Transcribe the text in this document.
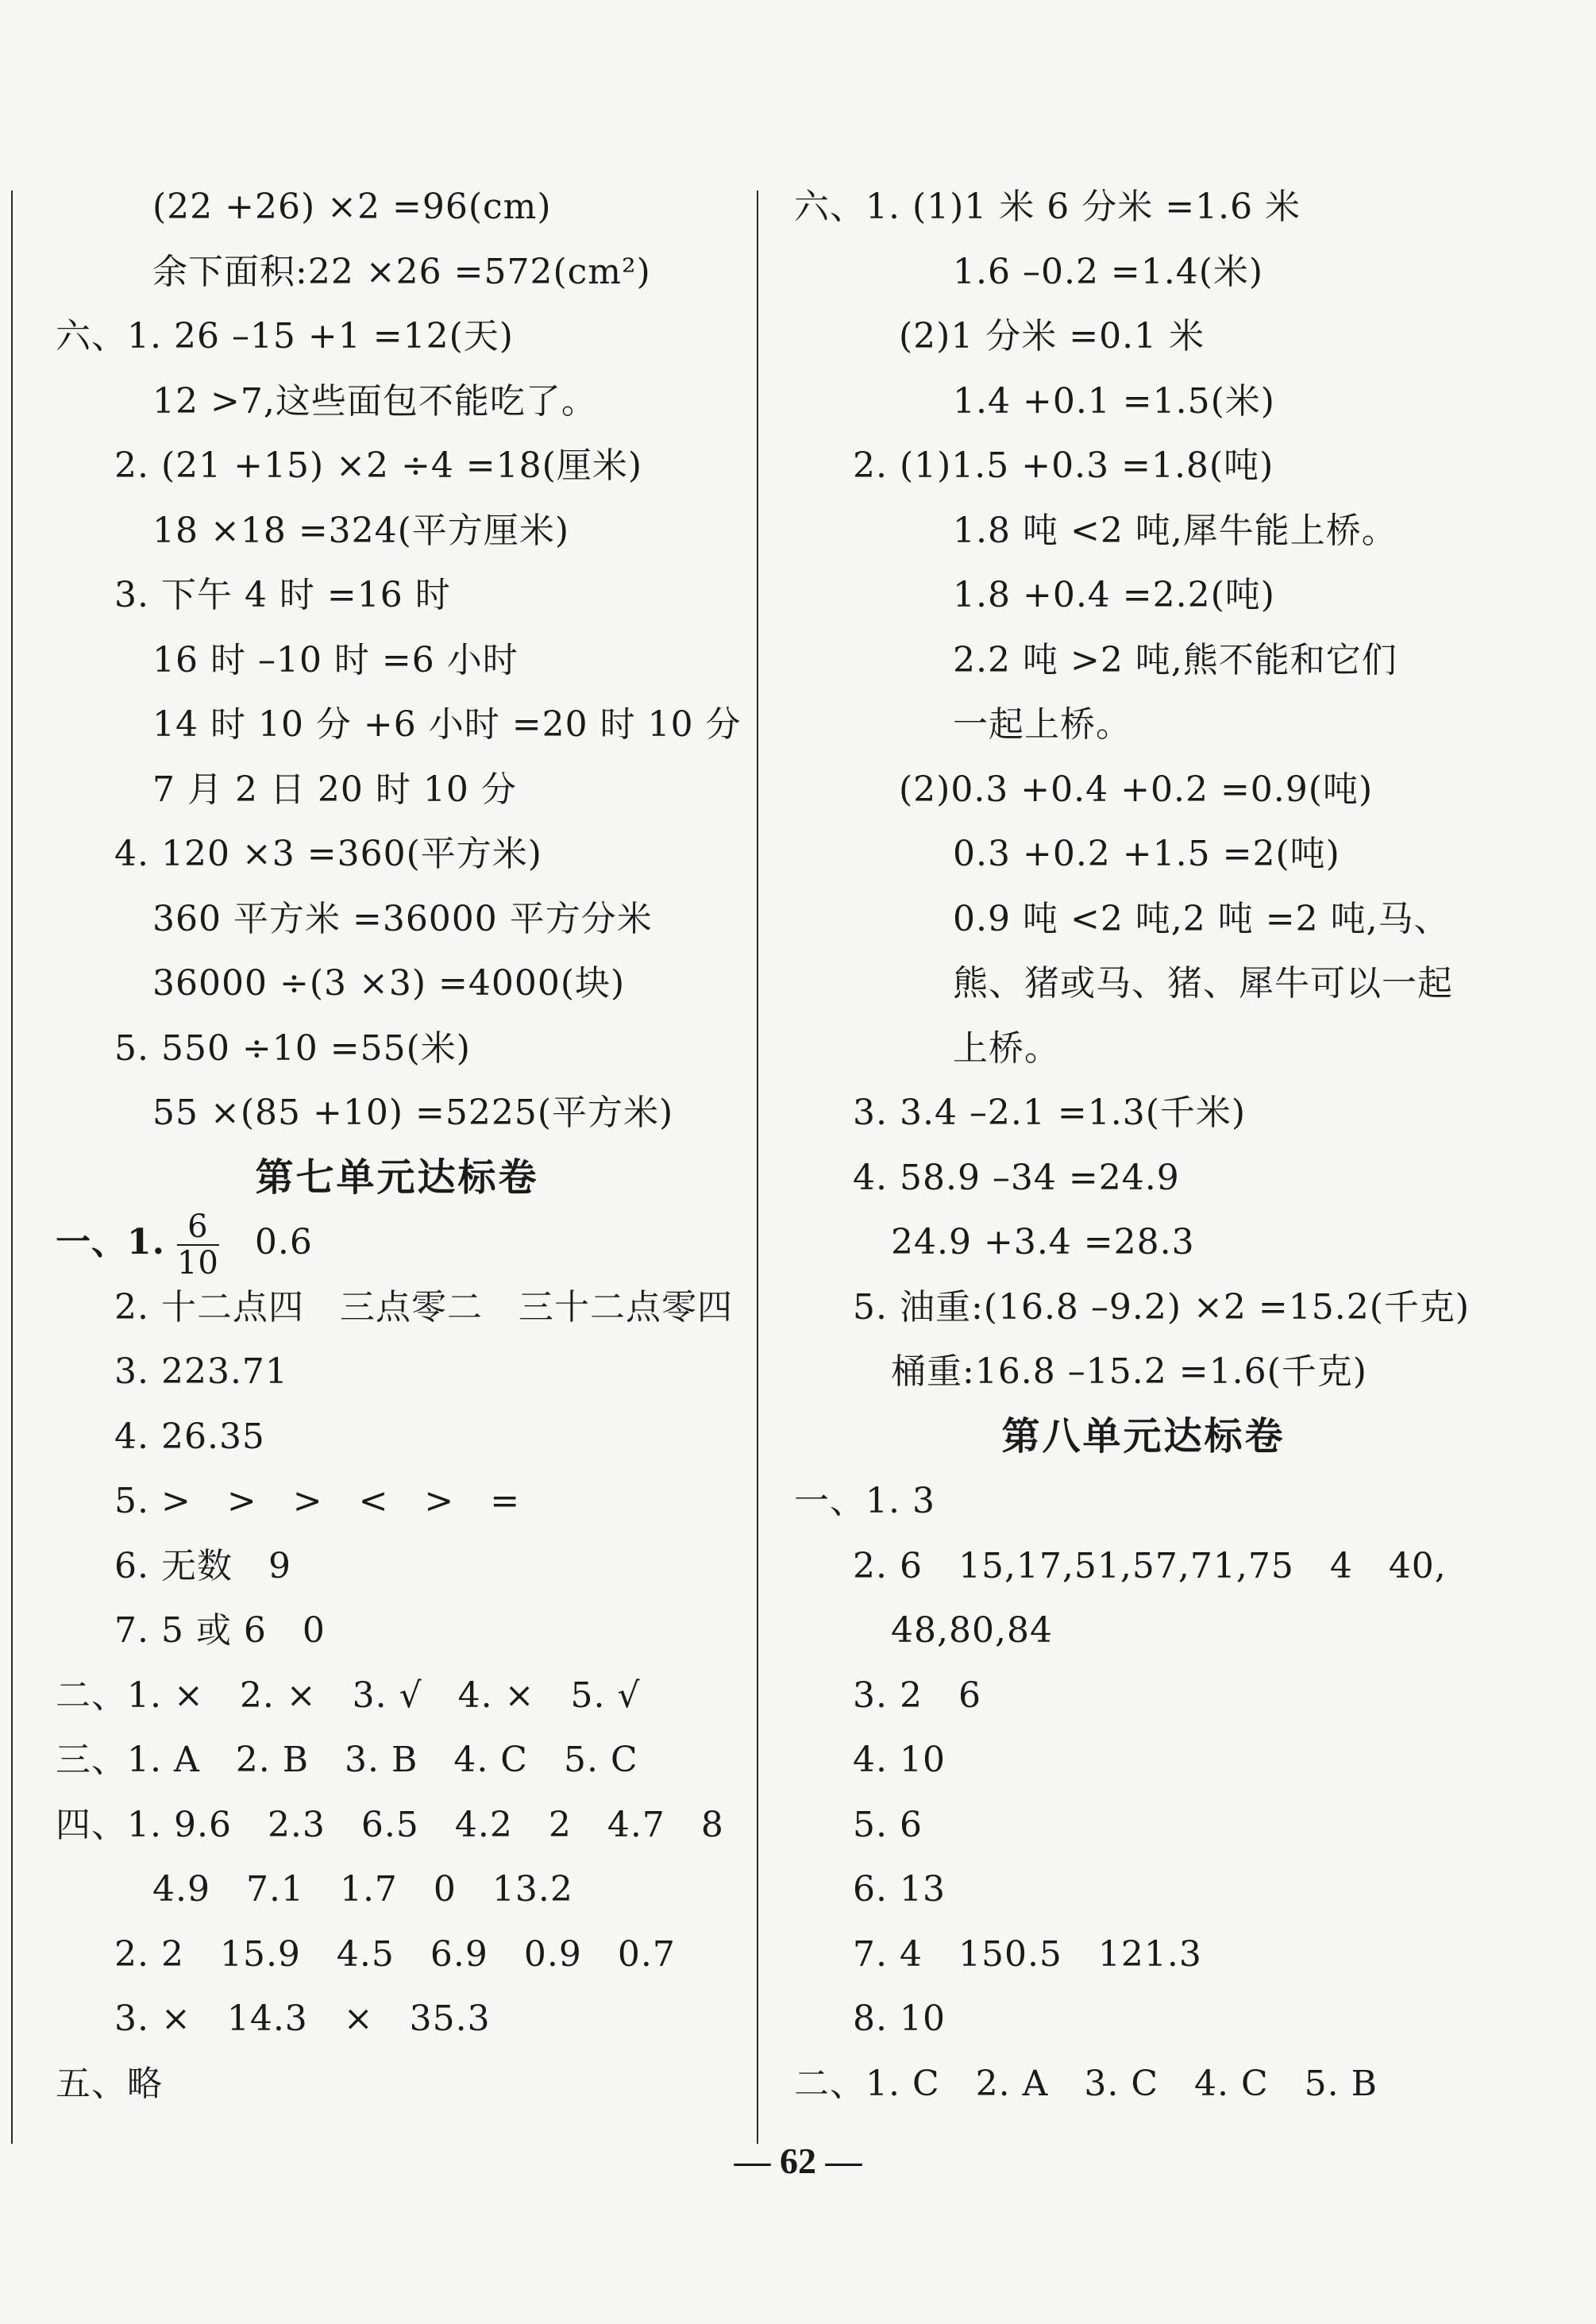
(22 +26) ×2 =96(cm)
余下面积:22 ×26 =572(cm²)
六、1. 26 –15 +1 =12(天)
12 >7,这些面包不能吃了。
2. (21 +15) ×2 ÷4 =18(厘米)
18 ×18 =324(平方厘米)
3. 下午 4 时 =16 时
16 时 –10 时 =6 小时
14 时 10 分 +6 小时 =20 时 10 分
7 月 2 日 20 时 10 分
4. 120 ×3 =360(平方米)
360 平方米 =36000 平方分米
36000 ÷(3 ×3) =4000(块)
5. 550 ÷10 =55(米)
55 ×(85 +10) =5225(平方米)
第七单元达标卷
一、1. $\frac{6}{10} 0.6$
2. 十二点四　三点零二　三十二点零四
3. 223.71
4. 26.35
5. >　>　>　<　>　=
6. 无数　9
7. 5 或 6　0
二、1. ×　2. ×　3. √　4. ×　5. √
三、1. A　2. B　3. B　4. C　5. C
四、1. 9.6　2.3　6.5　4.2　2　4.7　8
4.9　7.1　1.7　0　13.2
2. 2　15.9　4.5　6.9　0.9　0.7
3. ×　14.3　×　35.3
五、略
六、1. (1)1 米 6 分米 =1.6 米
1.6 –0.2 =1.4(米)
(2)1 分米 =0.1 米
1.4 +0.1 =1.5(米)
2. (1)1.5 +0.3 =1.8(吨)
1.8 吨 <2 吨,犀牛能上桥。
1.8 +0.4 =2.2(吨)
2.2 吨 >2 吨,熊不能和它们
一起上桥。
(2)0.3 +0.4 +0.2 =0.9(吨)
0.3 +0.2 +1.5 =2(吨)
0.9 吨 <2 吨,2 吨 =2 吨,马、
熊、猪或马、猪、犀牛可以一起
上桥。
3. 3.4 –2.1 =1.3(千米)
4. 58.9 –34 =24.9
24.9 +3.4 =28.3
5. 油重:(16.8 –9.2) ×2 =15.2(千克)
桶重:16.8 –15.2 =1.6(千克)
第八单元达标卷
一、1. 3
2. 6　15,17,51,57,71,75　4　40,
48,80,84
3. 2　6
4. 10
5. 6
6. 13
7. 4　150.5　121.3
8. 10
二、1. C　2. A　3. C　4. C　5. B
— 62 —
